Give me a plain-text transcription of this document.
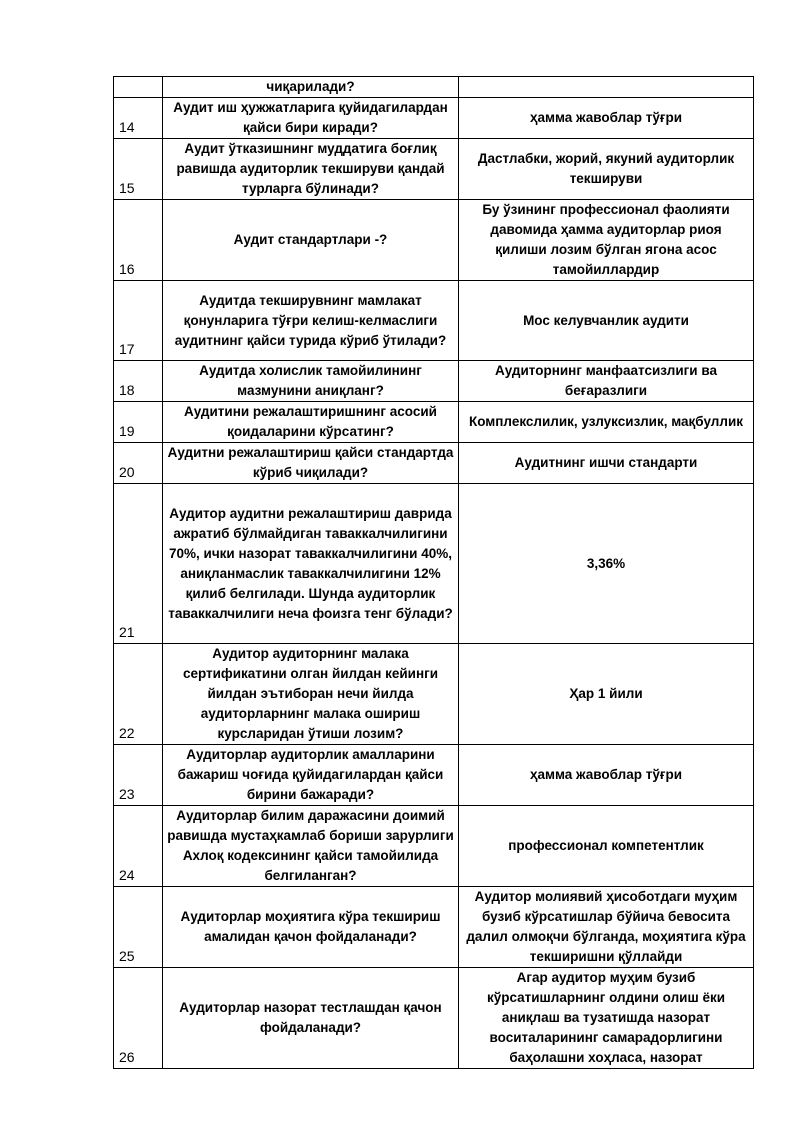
	чиқарилади?	
14	Аудит иш ҳужжатларига қуйидагилардан қайси бири киради?	ҳамма жавоблар тўғри
15	Аудит ўтказишнинг муддатига боғлиқ равишда аудиторлик текшируви қандай турларга бўлинади?	Дастлабки, жорий, якуний аудиторлик текшируви
16	Аудит стандартлари -?	Бу ўзининг профессионал фаолияти давомида ҳамма аудиторлар риоя қилиши лозим бўлган ягона асос тамойиллардир
17	Аудитда текширувнинг мамлакат қонунларига тўғри келиш-келмаслиги аудитнинг қайси турида кўриб ўтилади?	Мос келувчанлик аудити
18	Аудитда холислик тамойилининг мазмунини аниқланг?	Аудиторнинг манфаатсизлиги ва беғаразлиги
19	Аудитини режалаштиришнинг асосий қоидаларини кўрсатинг?	Комплекслилик, узлуксизлик, мақбуллик
20	Аудитни режалаштириш қайси стандартда кўриб чиқилади?	Аудитнинг ишчи стандарти
21	Аудитор аудитни режалаштириш даврида ажратиб бўлмайдиган таваккалчилигини 70%, ички назорат таваккалчилигини 40%, аниқланмаслик таваккалчилигини 12% қилиб белгилади. Шунда аудиторлик таваккалчилиги неча фоизга тенг бўлади?	3,36%
22	Аудитор аудиторнинг малака сертификатини олган йилдан кейинги йилдан эътиборан нечи йилда аудиторларнинг малака ошириш курсларидан ўтиши лозим?	Ҳар 1 йили
23	Аудиторлар аудиторлик амалларини бажариш чоғида қуйидагилардан қайси бирини бажаради?	ҳамма жавоблар тўғри
24	Аудиторлар билим даражасини доимий равишда мустаҳкамлаб бориши зарурлиги Ахлоқ кодексининг қайси тамойилида белгиланган?	профессионал компетентлик
25	Аудиторлар моҳиятига кўра текшириш амалидан қачон фойдаланади?	Аудитор молиявий ҳисоботдаги муҳим бузиб кўрсатишлар бўйича бевосита далил олмоқчи бўлганда, моҳиятига кўра текширишни қўллайди
26	Аудиторлар назорат тестлашдан қачон фойдаланади?	Агар аудитор муҳим бузиб кўрсатишларнинг олдини олиш ёки аниқлаш ва тузатишда назорат воситаларининг самарадорлигини баҳолашни хоҳласа, назорат
